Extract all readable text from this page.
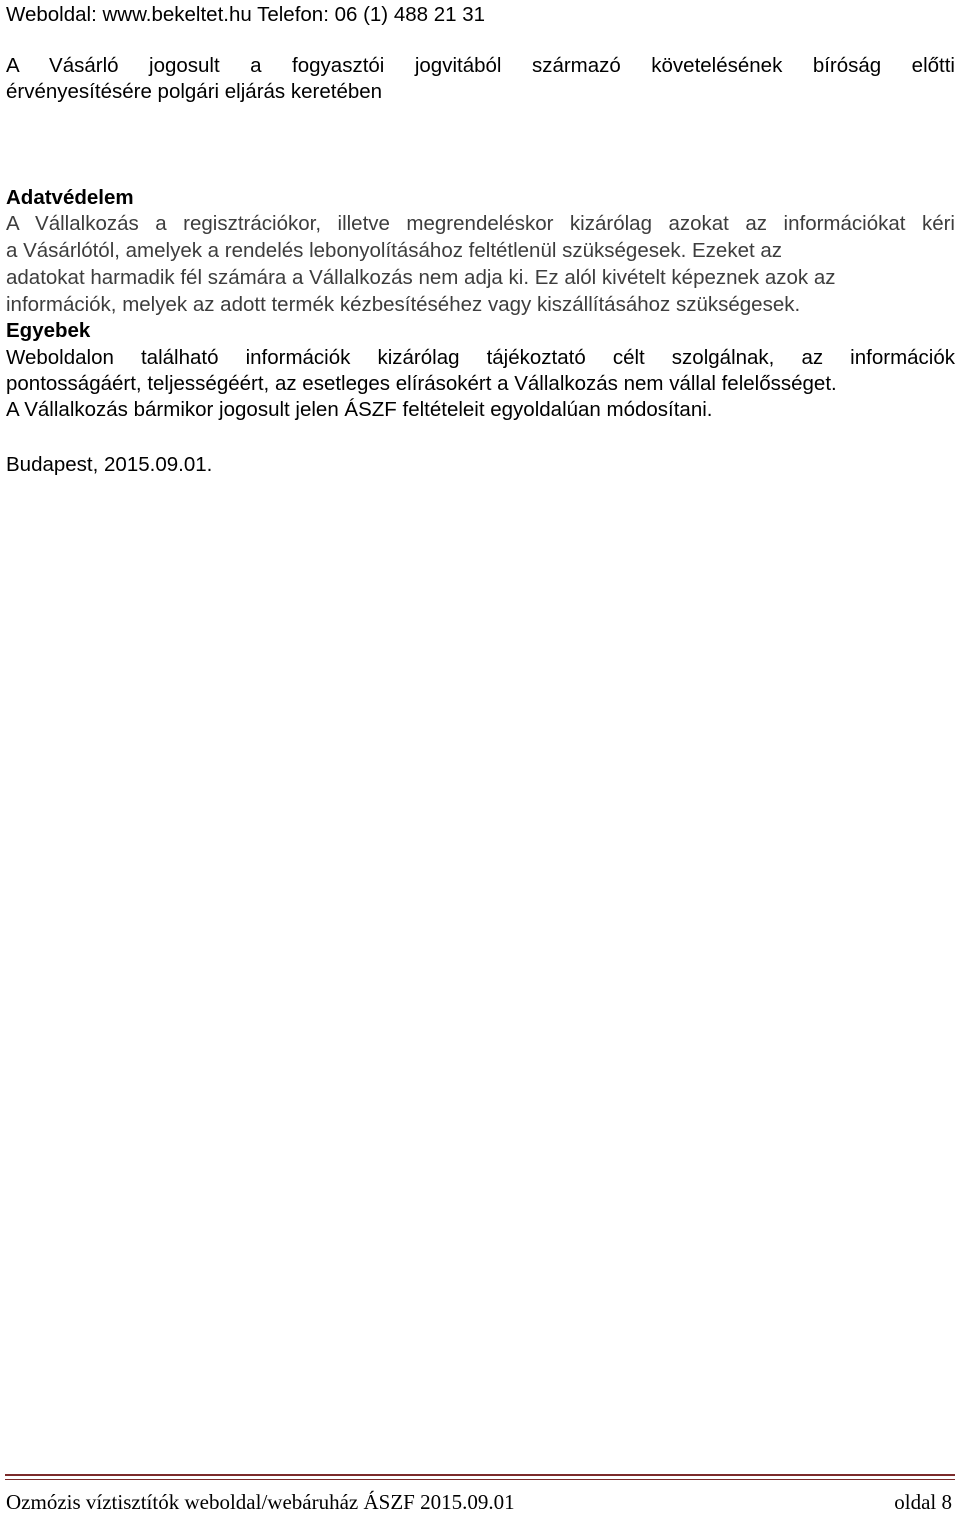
Weboldal: www.bekeltet.hu Telefon: 06 (1) 488 21 31

A Vásárló jogosult a fogyasztói jogvitából származó követelésének bíróság előtti

érvényesítésére polgári eljárás keretében

Adatvédelem

A Vállalkozás a regisztrációkor, illetve megrendeléskor kizárólag azokat az információkat kéri

a Vásárlótól, amelyek a rendelés lebonyolításához feltétlenül szükségesek. Ezeket az

adatokat harmadik fél számára a Vállalkozás nem adja ki. Ez alól kivételt képeznek azok az

információk, melyek az adott termék kézbesítéséhez vagy kiszállításához szükségesek.

Egyebek

Weboldalon található információk kizárólag tájékoztató célt szolgálnak, az információk

pontosságáért, teljességéért, az esetleges elírásokért a Vállalkozás nem vállal felelősséget.

A Vállalkozás bármikor jogosult jelen ÁSZF feltételeit egyoldalúan módosítani.

Budapest, 2015.09.01.

Ozmózis víztisztítók weboldal/webáruház ÁSZF 2015.09.01	oldal 8
